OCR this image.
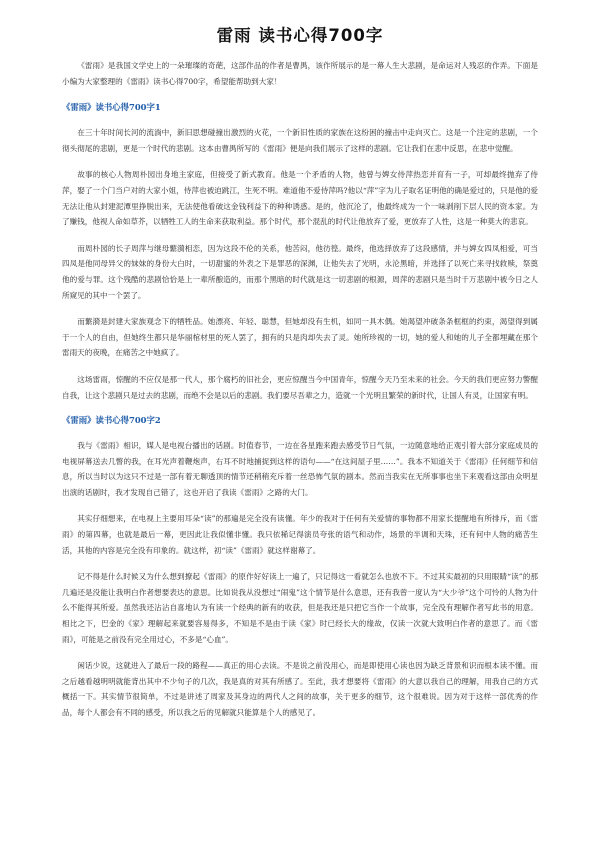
雷雨 读书心得700字

《雷雨》是我国文学史上的一朵璀璨的奇葩，这部作品的作者是曹禺，该作所展示的是一幕人生大悲剧，是命运对人残忍的作弄。下面是小编为大家整理的《雷雨》读书心得700字，希望能帮助到大家！

《雷雨》读书心得700字1

在三十年时间长河的流淌中，新旧思想碰撞出激烈的火花，一个新旧性质的家族在这纷困的撞击中走向灭亡。这是一个注定的悲剧，一个彻头彻尾的悲剧，更是一个时代的悲剧。这本由曹禺所写的《雷雨》便是向我们展示了这样的悲剧。它让我们在悲中反思，在悲中觉醒。

故事的核心人物周朴园出身地主家庭，但接受了新式教育。他是一个矛盾的人物，他曾与婢女侍萍热恋并育有一子，可却最终抛弃了侍萍，娶了一个门当户对的大家小姐，侍萍也被迫跳江，生死不明。难道他不爱侍萍吗?他以“萍”字为儿子取名证明他的确是爱过的，只是他的爱无法让他从封建泥潭里挣脱出来，无法使他看破这金钱利益下的种种诱惑。是的，他沉沦了，他最终成为一个一味剥削下层人民的资本家。为了赚钱，他视人命如草芥，以牺牲工人的生命来获取利益。那个时代，那个混乱的时代让他放弃了爱，更放弃了人性，这是一种莫大的悲哀。

而周朴园的长子周萍与继母蘩漪相恋，因为这段不伦的关系，他苦闷，他彷徨。最终，他选择放弃了这段感情，并与婢女四凤相爱，可当四凤是他同母异父的妹妹的身份大白时，一切甜蜜的外表之下是罪恶的深渊，让他失去了光明，永沦黑暗，并选择了以死亡来寻找救赎，祭奠他的爱与罪。这个残酷的悲剧恰恰是上一辈所酿造的，而那个黑暗的时代就是这一切悲剧的根源，周萍的悲剧只是当时千万悲剧中被今日之人所窥见的其中一个罢了。

而蘩漪是封建大家族观念下的牺牲品。她漂亮、年轻、聪慧，但她却没有生机，如同一具木偶。她渴望冲破条条框框的约束，渴望得到属于一个人的自由，但她终生都只是华丽棺材里的死人罢了，拥有的只是肉却失去了灵。她所珍视的一切，她的爱人和她的儿子全都埋藏在那个雷雨天的夜晚，在痛苦之中她疯了。

这场雷雨，惊醒的不应仅是那一代人，那个腐朽的旧社会，更应惊醒当今中国青年，惊醒今天乃至未来的社会。今天的我们更应努力警醒自我，让这个悲剧只是过去的悲剧，而绝不会是以后的悲剧。我们要尽吾辈之力，造就一个光明且繁荣的新时代，让国人有灵，让国家有明。

《雷雨》读书心得700字2

我与《雷雨》相识，媒人是电视台播出的话剧。时值春节，一边在各星跑来跑去感受节日气氛，一边随意地给正观引着大部分家庭成员的电视屏幕送去几瞥的我，在耳光声着鞭炮声，右耳不时地捕捉到这样的语句——“在这间屋子里……”。我本不知道关于《雷雨》任何细节和信息，所以当时以为这只不过是一部有着无聊透顶的情节还稍稍充斥着一丝恐怖气氛的剧本。然而当我实在无所事事也坐下来观看这部由众明星出演的话剧时，我才发现自己错了，这也开启了我读《雷雨》之路的大门。

其实仔细想来，在电视上主要用耳朵“读”的那遍是完全没有读懂。年少的我对于任何有关爱情的事物都不用家长提醒地有所排斥，而《雷雨》的第四幕，也就是最后一幕，更因此让我似懂非懂。我只依稀记得演员夸张的语气和动作，场景的半调和天珠，还有何中人物的痛苦生活，其他的内容是完全没有印象的。就这样，初“读”《雷雨》就这样谢幕了。

记不得是什么时候又为什么想到撩起《雷雨》的原作好好读上一遍了，只记得这一看就怎么也放不下。不过其实最初的只用眼睛“读”的那几遍还是没能让我明白作者想要表达的意思。比如说我从没想过“闹鬼”这个情节是什么意思，还有我曾一度认为“大少爷”这个可怜的人物为什么不能得其所爱。虽然我还沾沾自喜地认为有读一个经典的新有的收获，但是我还是只把它当作一个故事，完全没有理解作者写此书的用意。相比之下，巴金的《家》理解起来就要容易得多，不知是不是由于读《家》时已经长大的缘故，仅读一次就大致明白作者的意思了。而《雷雨》，可能是之前没有完全用过心，不多是“心血”。

闲话少说，这就进入了最后一段的路程——真正的用心去读。不是说之前没用心，而是即使用心读也因为缺乏背景和识而根本读不懂。而之后越看越明明就能背出其中不少句子的几次，我是真的对其有所感了。至此，我才想要将《雷雨》的大意以我自己的理解，用我自己的方式概括一下。其实情节很简单，不过是讲述了周家及其身边的两代人之间的故事，关于更多的细节，这个很难说。因为对于这样一部优秀的作品，每个人都会有不同的感受，所以我之后的见解就只能算是个人的感见了。
